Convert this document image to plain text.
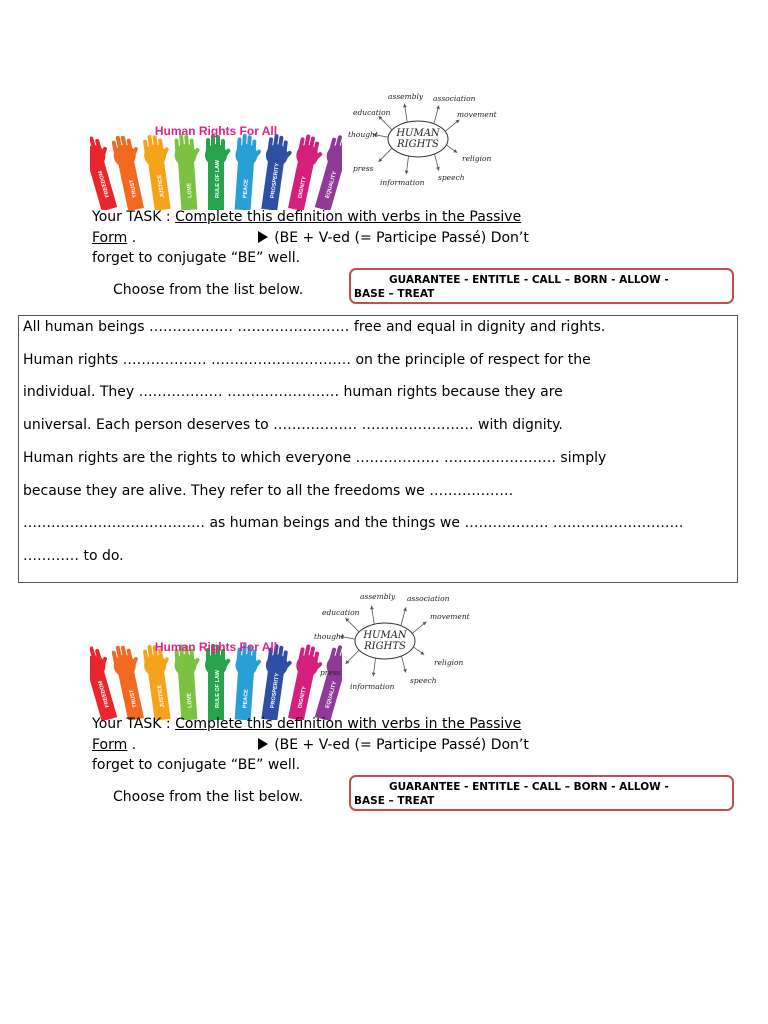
Human Rights For All
FREEDOM	TRUST	JUSTICE	LOVE	RULE OF LAW	PEACE	PROSPERITY	DIGNITY	EQUALITY
HUMAN
RIGHTS
assembly association
education	movement
thought
religion
press
speech
information
Your TASK : Complete this definition with verbs in the Passive
Form .	(BE + V-ed (= Participe Passé) Don’t
forget to conjugate “BE” well.
Choose from the list below.
GUARANTEE - ENTITLE - CALL – BORN - ALLOW -
BASE – TREAT
All human beings ……………… …………………… free and equal in dignity and rights.
Human rights ……………… ………………………… on the principle of respect for the
individual. They ……………… …………………… human rights because they are
universal. Each person deserves to ……………… …………………… with dignity.
Human rights are the rights to which everyone ……………… …………………… simply
because they are alive. They refer to all the freedoms we ………………
………………………………… as human beings and the things we ……………… ……………………….
………… to do.
Human Rights For All
FREEDOM	TRUST	JUSTICE	LOVE	RULE OF LAW	PEACE	PROSPERITY	DIGNITY	EQUALITY
HUMAN
RIGHTS
assembly association
education	movement
thought
religion
press
speech
information
Your TASK : Complete this definition with verbs in the Passive
Form .	(BE + V-ed (= Participe Passé) Don’t
forget to conjugate “BE” well.
Choose from the list below.
GUARANTEE - ENTITLE - CALL – BORN - ALLOW -
BASE – TREAT
